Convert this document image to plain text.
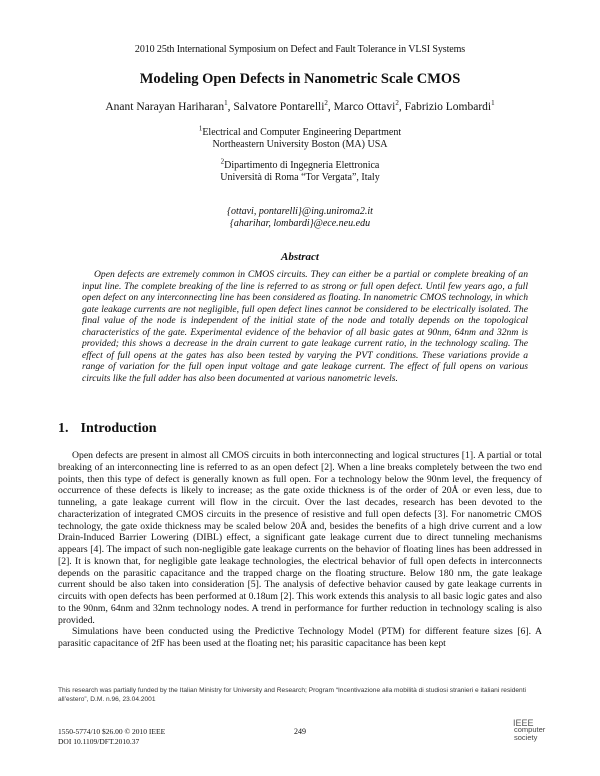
2010 25th International Symposium on Defect and Fault Tolerance in VLSI Systems
Modeling Open Defects in Nanometric Scale CMOS
Anant Narayan Hariharan$^1$, Salvatore Pontarelli$^2$, Marco Ottavi$^2$, Fabrizio Lombardi$^1$
$^1$Electrical and Computer Engineering Department
Northeastern University Boston (MA) USA
$^2$Dipartimento di Ingegneria Elettronica
Università di Roma “Tor Vergata”, Italy
{ottavi, pontarelli}@ing.uniroma2.it
{aharihar, lombardi}@ece.neu.edu
Abstract
Open defects are extremely common in CMOS circuits. They can either be a partial or complete breaking of an input line. The complete breaking of the line is referred to as strong or full open defect. Until few years ago, a full open defect on any interconnecting line has been considered as floating. In nanometric CMOS technology, in which gate leakage currents are not negligible, full open defect lines cannot be considered to be electrically isolated. The final value of the node is independent of the initial state of the node and totally depends on the topological characteristics of the gate. Experimental evidence of the behavior of all basic gates at 90nm, 64nm and 32nm is provided; this shows a decrease in the drain current to gate leakage current ratio, in the technology scaling. The effect of full opens at the gates has also been tested by varying the PVT conditions. These variations provide a range of variation for the full open input voltage and gate leakage current. The effect of full opens on various circuits like the full adder has also been documented at various nanometric levels.
1. Introduction

Open defects are present in almost all CMOS circuits in both interconnecting and logical structures [1]. A partial or total breaking of an interconnecting line is referred to as an open defect [2]. When a line breaks completely between the two end points, then this type of defect is generally known as full open. For a technology below the 90nm level, the frequency of occurrence of these defects is likely to increase; as the gate oxide thickness is of the order of 20Å or even less, due to tunneling, a gate leakage current will flow in the circuit. Over the last decades, research has been devoted to the characterization of integrated CMOS circuits in the presence of resistive and full open defects [3]. For nanometric CMOS technology, the gate oxide thickness may be scaled below 20Å and, besides the benefits of a high drive current and a low Drain-Induced Barrier Lowering (DIBL) effect, a significant gate leakage current due to direct tunneling mechanisms appears [4]. The impact of such non-negligible gate leakage currents on the behavior of floating lines has been addressed in [2]. It is known that, for negligible gate leakage technologies, the electrical behavior of full open defects in interconnects depends on the parasitic capacitance and the trapped charge on the floating structure. Below 180 nm, the gate leakage current should be also taken into consideration [5]. The analysis of defective behavior caused by gate leakage currents in circuits with open defects has been performed at 0.18um [2]. This work extends this analysis to all basic logic gates and also to the 90nm, 64nm and 32nm technology nodes. A trend in performance for further reduction in technology scaling is also provided.

Simulations have been conducted using the Predictive Technology Model (PTM) for different feature sizes [6]. A parasitic capacitance of 2fF has been used at the floating net; his parasitic capacitance has been kept

This research was partially funded by the Italian Ministry for University and Research; Program “Incentivazione alla mobilità di studiosi stranieri e italiani residenti all’estero”, D.M. n.96, 23.04.2001
1550-5774/10 $26.00 © 2010 IEEE
DOI 10.1109/DFT.2010.37
249
IEEE
computer
society
